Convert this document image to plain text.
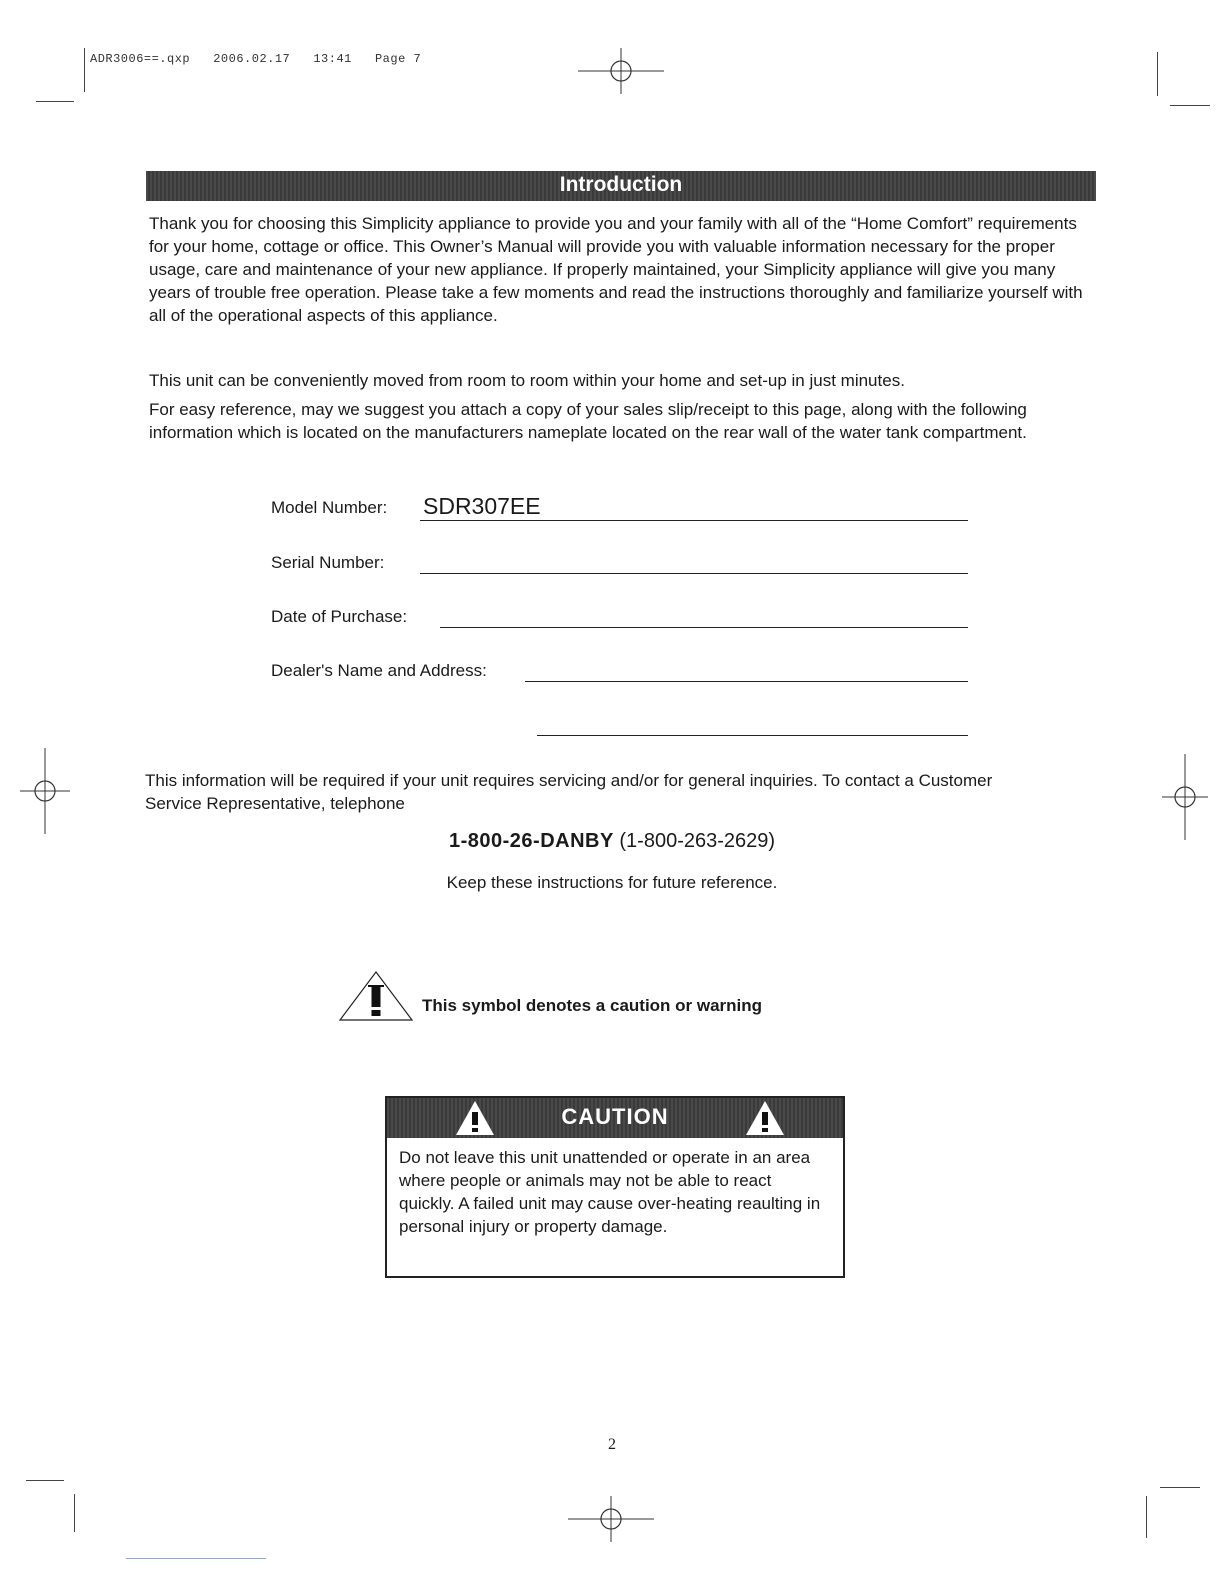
ADR3006==.qxp 2006.02.17 13:41 Page 7
Introduction
Thank you for choosing this Simplicity appliance to provide you and your family with all of the “Home Comfort” requirements for your home, cottage or office. This Owner’s Manual will provide you with valuable information necessary for the proper usage, care and maintenance of your new appliance. If properly maintained, your Simplicity appliance will give you many years of trouble free operation. Please take a few moments and read the instructions thoroughly and familiarize yourself with all of the operational aspects of this appliance.
This unit can be conveniently moved from room to room within your home and set-up in just minutes.
For easy reference, may we suggest you attach a copy of your sales slip/receipt to this page, along with the following information which is located on the manufacturers nameplate located on the rear wall of the water tank compartment.
Model Number: SDR307EE
Serial Number:
Date of Purchase:
Dealer's Name and Address:
This information will be required if your unit requires servicing and/or for general inquiries. To contact a Customer Service Representative, telephone
1-800-26-DANBY (1-800-263-2629)
Keep these instructions for future reference.
This symbol denotes a caution or warning
CAUTION
Do not leave this unit unattended or operate in an area where people or animals may not be able to react quickly. A failed unit may cause over-heating reaulting in personal injury or property damage.
2
